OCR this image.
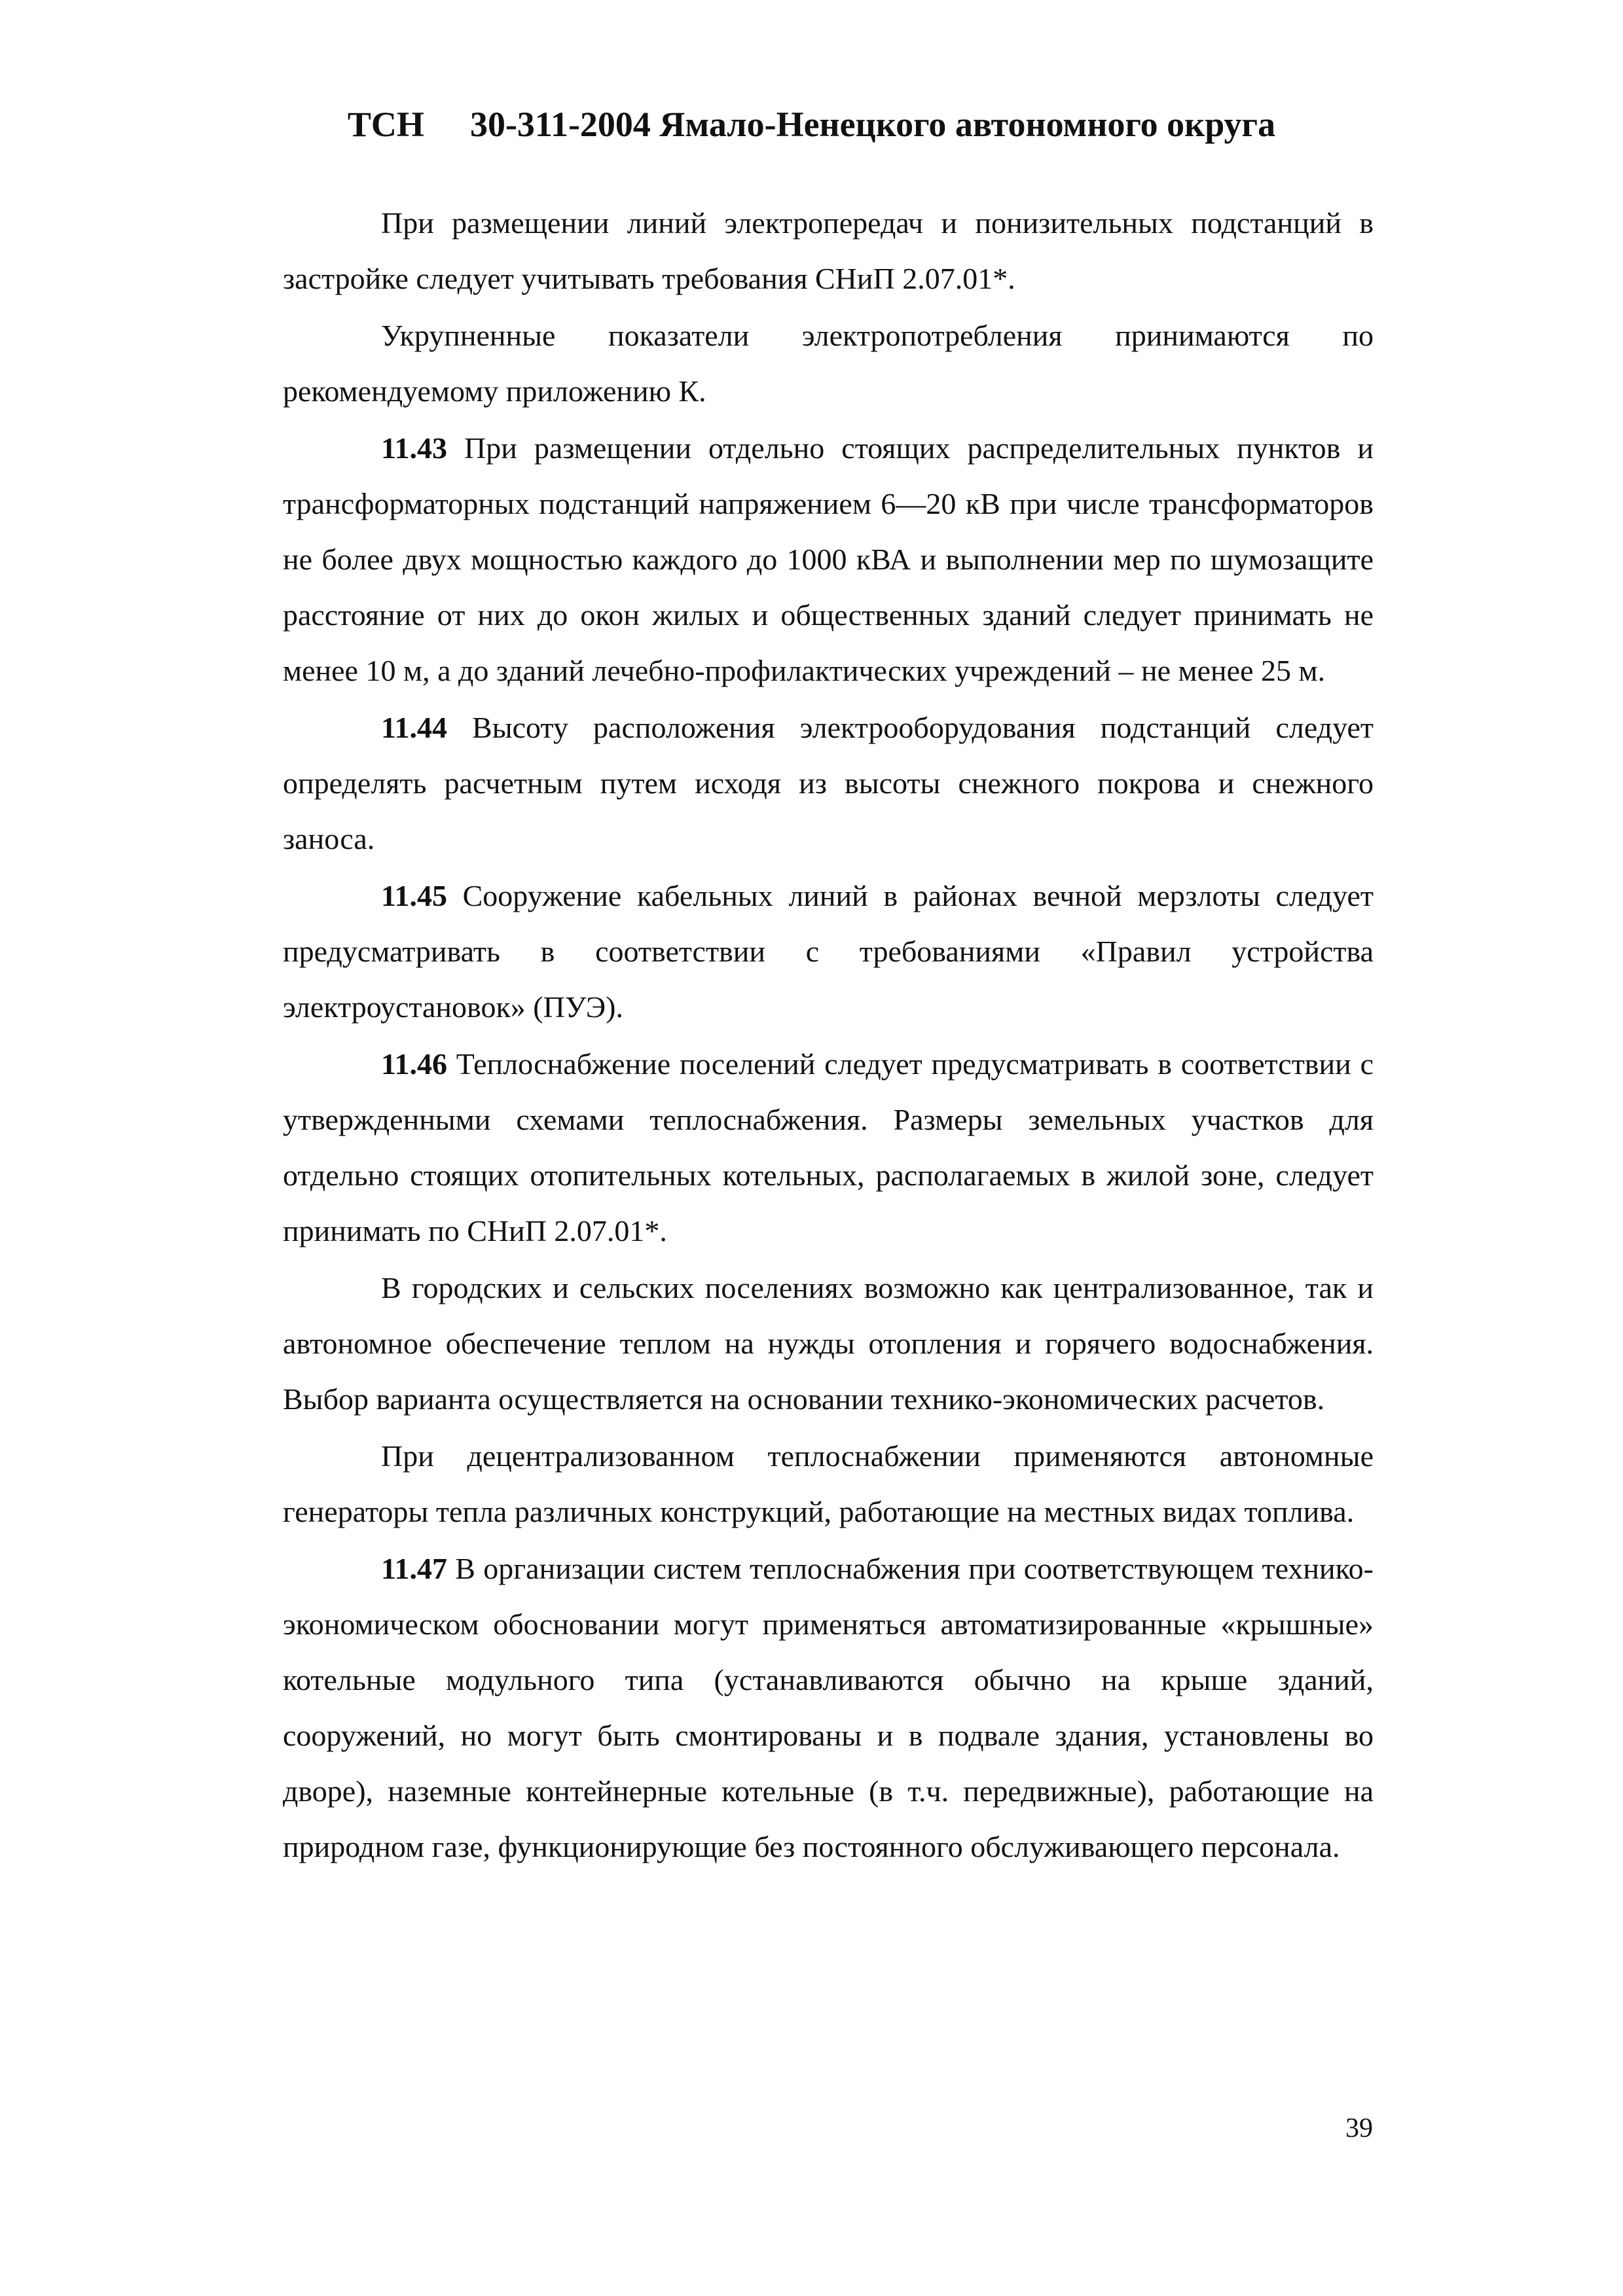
ТСН 30-311-2004 Ямало-Ненецкого автономного округа

При размещении линий электропередач и понизительных подстанций в застройке следует учитывать требования СНиП 2.07.01*.

Укрупненные показатели электропотребления принимаются по рекомендуемому приложению К.

11.43 При размещении отдельно стоящих распределительных пунктов и трансформаторных подстанций напряжением 6—20 кВ при числе трансформаторов не более двух мощностью каждого до 1000 кВА и выполнении мер по шумозащите расстояние от них до окон жилых и общественных зданий следует принимать не менее 10 м, а до зданий лечебно-профилактических учреждений – не менее 25 м.

11.44 Высоту расположения электрооборудования подстанций следует определять расчетным путем исходя из высоты снежного покрова и снежного заноса.

11.45 Сооружение кабельных линий в районах вечной мерзлоты следует предусматривать в соответствии с требованиями «Правил устройства электроустановок» (ПУЭ).

11.46 Теплоснабжение поселений следует предусматривать в соответствии с утвержденными схемами теплоснабжения. Размеры земельных участков для отдельно стоящих отопительных котельных, располагаемых в жилой зоне, следует принимать по СНиП 2.07.01*.

В городских и сельских поселениях возможно как централизованное, так и автономное обеспечение теплом на нужды отопления и горячего водоснабжения. Выбор варианта осуществляется на основании технико-экономических расчетов.

При децентрализованном теплоснабжении применяются автономные генераторы тепла различных конструкций, работающие на местных видах топлива.

11.47 В организации систем теплоснабжения при соответствующем технико-экономическом обосновании могут применяться автоматизированные «крышные» котельные модульного типа (устанавливаются обычно на крыше зданий, сооружений, но могут быть смонтированы и в подвале здания, установлены во дворе), наземные контейнерные котельные (в т.ч. передвижные), работающие на природном газе, функционирующие без постоянного обслуживающего персонала.

39
